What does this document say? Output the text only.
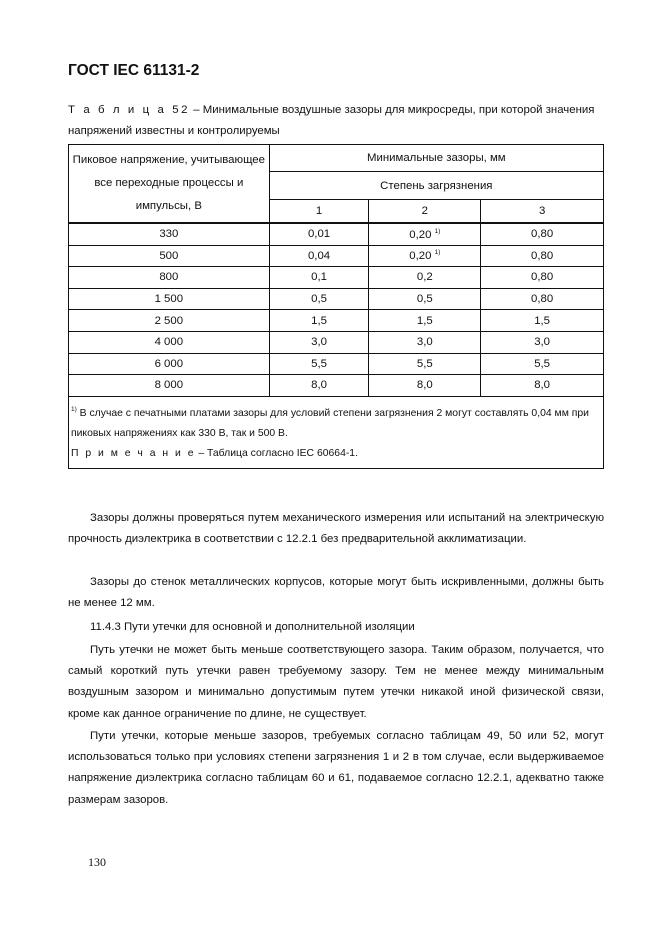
ГОСТ IEC 61131-2
Т а б л и ц а 52 – Минимальные воздушные зазоры для микросреды, при которой значения напряжений известны и контролируемы
Пиковое напряжение, учитывающее все переходные процессы и импульсы, В	Минимальные зазоры, мм		
	Степень загрязнения		
	1	2	3
330	0,01	0,20 $^{1)}$	0,80
500	0,04	0,20 $^{1)}$	0,80
800	0,1	0,2	0,80
1 500	0,5	0,5	0,80
2 500	1,5	1,5	1,5
4 000	3,0	3,0	3,0
6 000	5,5	5,5	5,5
8 000	8,0	8,0	8,0

$^{1)}$ В случае с печатными платами зазоры для условий степени загрязнения 2 могут составлять 0,04 мм при пиковых напряжениях как 330 В, так и 500 В.
П р и м е ч а н и е – Таблица согласно IEC 60664-1.			
Зазоры должны проверяться путем механического измерения или испытаний на электрическую прочность диэлектрика в соответствии с 12.2.1 без предварительной акклиматизации.
Зазоры до стенок металлических корпусов, которые могут быть искривленными, должны быть не менее 12 мм.
11.4.3 Пути утечки для основной и дополнительной изоляции
Путь утечки не может быть меньше соответствующего зазора. Таким образом, получается, что самый короткий путь утечки равен требуемому зазору. Тем не менее между минимальным воздушным зазором и минимально допустимым путем утечки никакой иной физической связи, кроме как данное ограничение по длине, не существует.
Пути утечки, которые меньше зазоров, требуемых согласно таблицам 49, 50 или 52, могут использоваться только при условиях степени загрязнения 1 и 2 в том случае, если выдерживаемое напряжение диэлектрика согласно таблицам 60 и 61, подаваемое согласно 12.2.1, адекватно также размерам зазоров.
130
